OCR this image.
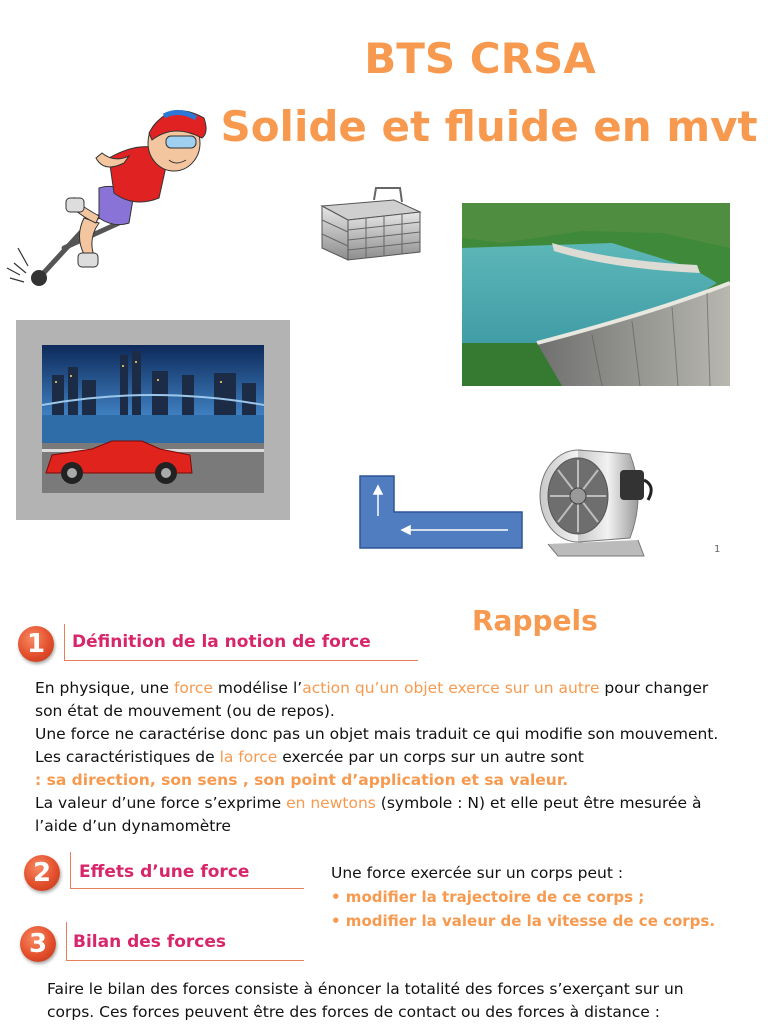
BTS CRSA
Solide et fluide en mvt
1
Rappels
1	Définition de la notion de force

En physique, une force modélise l’action qu’un objet exerce sur un autre pour changer

son état de mouvement (ou de repos).

Une force ne caractérise donc pas un objet mais traduit ce qui modifie son mouvement.

Les caractéristiques de la force exercée par un corps sur un autre sont

: sa direction, son sens , son point d’application et sa valeur.

La valeur d’une force s’exprime en newtons (symbole : N) et elle peut être mesurée à

l’aide d’un dynamomètre

2	Effets d’une force	Une force exercée sur un corps peut :

• modifier la trajectoire de ce corps ;
• modifier la valeur de la vitesse de ce corps.
3	Bilan des forces

Faire le bilan des forces consiste à énoncer la totalité des forces s’exerçant sur un

corps. Ces forces peuvent être des forces de contact ou des forces à distance :
